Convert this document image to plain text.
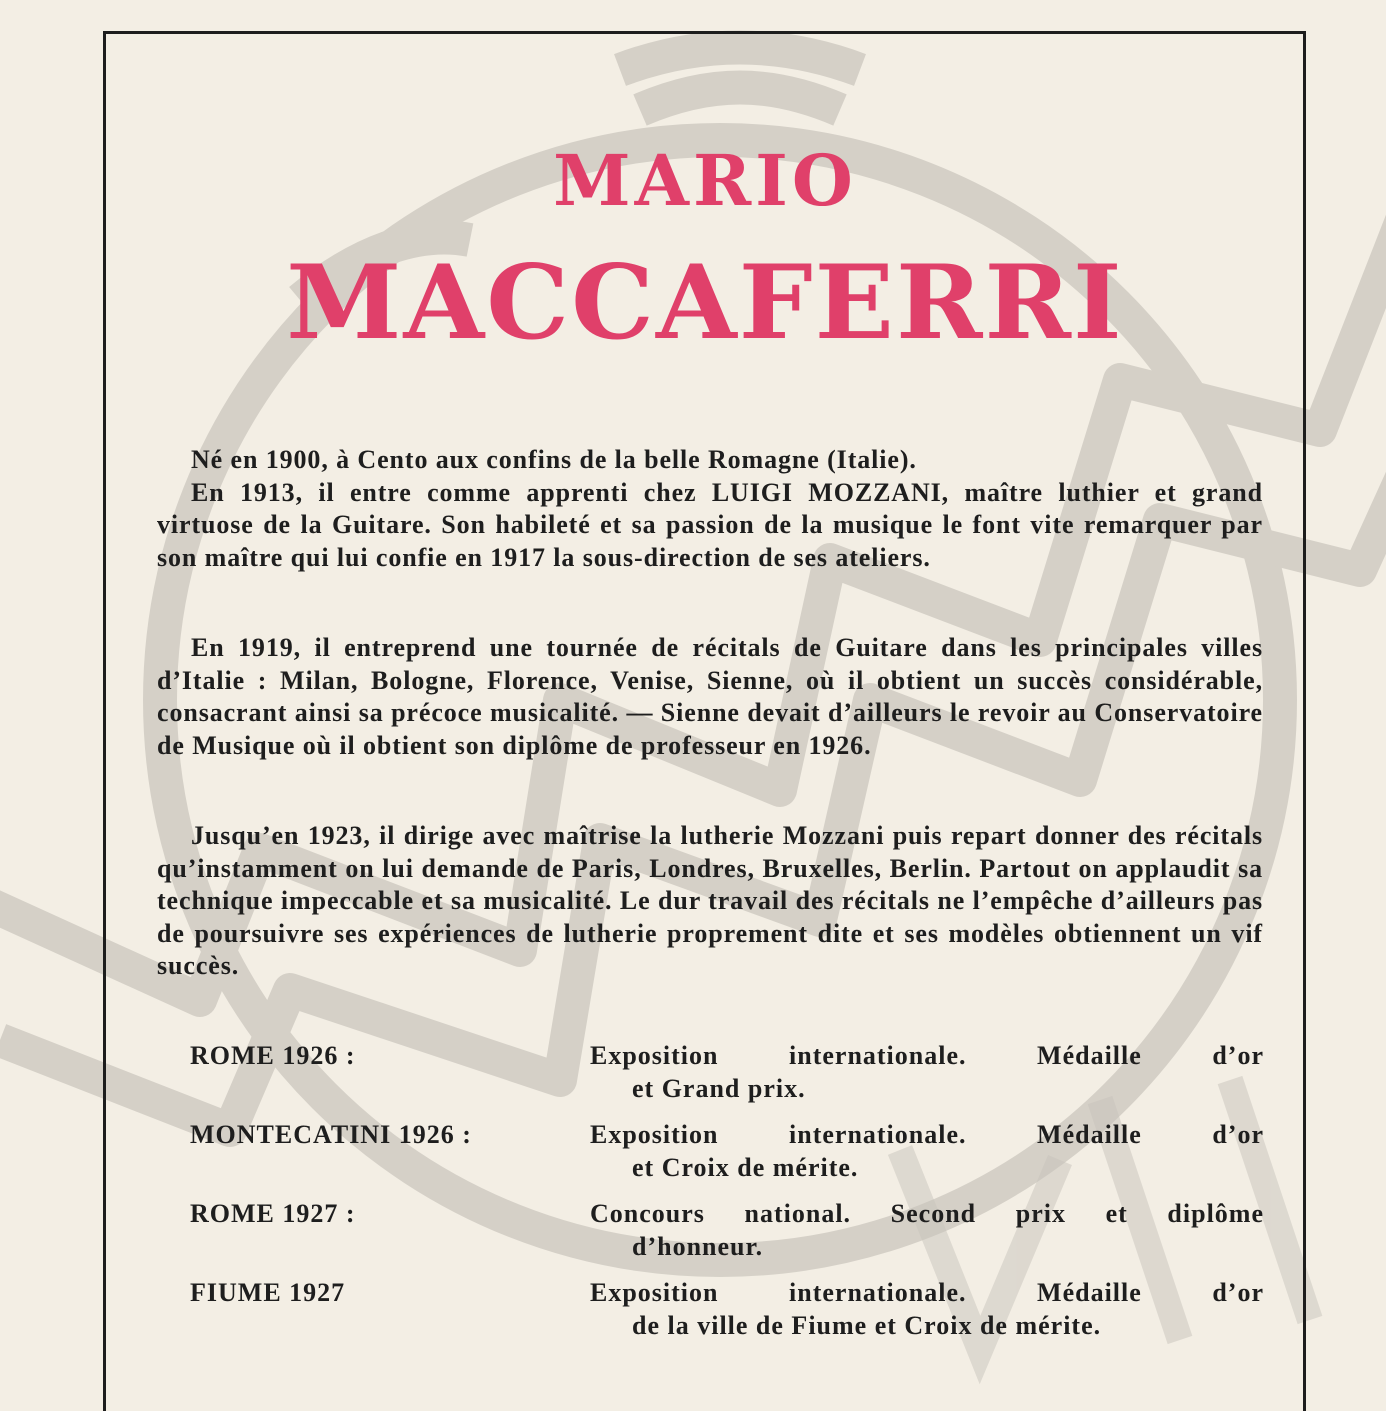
MARIO
MACCAFERRI

Né en 1900, à Cento aux confins de la belle Romagne (Italie).

En 1913, il entre comme apprenti chez LUIGI MOZZANI, maître luthier et grand virtuose de la Guitare. Son habileté et sa passion de la musique le font vite remarquer par son maître qui lui confie en 1917 la sous-direction de ses ateliers.

En 1919, il entreprend une tournée de récitals de Guitare dans les principales villes d’Italie : Milan, Bologne, Florence, Venise, Sienne, où il obtient un succès considérable, consacrant ainsi sa précoce musicalité. — Sienne devait d’ailleurs le revoir au Conservatoire de Musique où il obtient son diplôme de professeur en 1926.

Jusqu’en 1923, il dirige avec maîtrise la lutherie Mozzani puis repart donner des récitals qu’instamment on lui demande de Paris, Londres, Bruxelles, Berlin. Partout on applaudit sa technique impeccable et sa musicalité. Le dur travail des récitals ne l’empêche d’ailleurs pas de poursuivre ses expériences de lutherie proprement dite et ses modèles obtiennent un vif succès.

ROME 1926 :	Exposition internationale. Médaille d’or
et Grand prix.
MONTECATINI 1926 :	Exposition internationale. Médaille d’or
et Croix de mérite.
ROME 1927 :	Concours national. Second prix et diplôme
d’honneur.
FIUME 1927	Exposition internationale. Médaille d’or
de la ville de Fiume et Croix de mérite.
